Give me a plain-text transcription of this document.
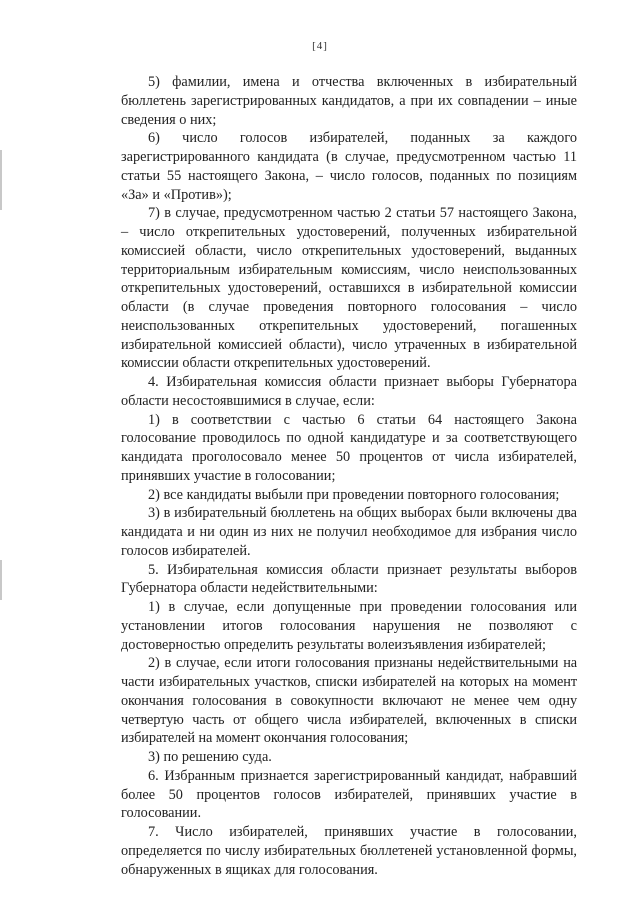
[4]

5) фамилии, имена и отчества включенных в избирательный бюллетень зарегистрированных кандидатов, а при их совпадении – иные сведения о них;

6) число голосов избирателей, поданных за каждого зарегистрированного кандидата (в случае, предусмотренном частью 11 статьи 55 настоящего Закона, – число голосов, поданных по позициям «За» и «Против»);

7) в случае, предусмотренном частью 2 статьи 57 настоящего Закона, – число открепительных удостоверений, полученных избирательной комиссией области, число открепительных удостоверений, выданных территориальным избирательным комиссиям, число неиспользованных открепительных удостоверений, оставшихся в избирательной комиссии области (в случае проведения повторного голосования – число неиспользованных открепительных удостоверений, погашенных избирательной комиссией области), число утраченных в избирательной комиссии области открепительных удостоверений.

4. Избирательная комиссия области признает выборы Губернатора области несостоявшимися в случае, если:

1) в соответствии с частью 6 статьи 64 настоящего Закона голосование проводилось по одной кандидатуре и за соответствующего кандидата проголосовало менее 50 процентов от числа избирателей, принявших участие в голосовании;

2) все кандидаты выбыли при проведении повторного голосования;

3) в избирательный бюллетень на общих выборах были включены два кандидата и ни один из них не получил необходимое для избрания число голосов избирателей.

5. Избирательная комиссия области признает результаты выборов Губернатора области недействительными:

1) в случае, если допущенные при проведении голосования или установлении итогов голосования нарушения не позволяют с достоверностью определить результаты волеизъявления избирателей;

2) в случае, если итоги голосования признаны недействительными на части избирательных участков, списки избирателей на которых на момент окончания голосования в совокупности включают не менее чем одну четвертую часть от общего числа избирателей, включенных в списки избирателей на момент окончания голосования;

3) по решению суда.

6. Избранным признается зарегистрированный кандидат, набравший более 50 процентов голосов избирателей, принявших участие в голосовании.

7. Число избирателей, принявших участие в голосовании, определяется по числу избирательных бюллетеней установленной формы, обнаруженных в ящиках для голосования.
